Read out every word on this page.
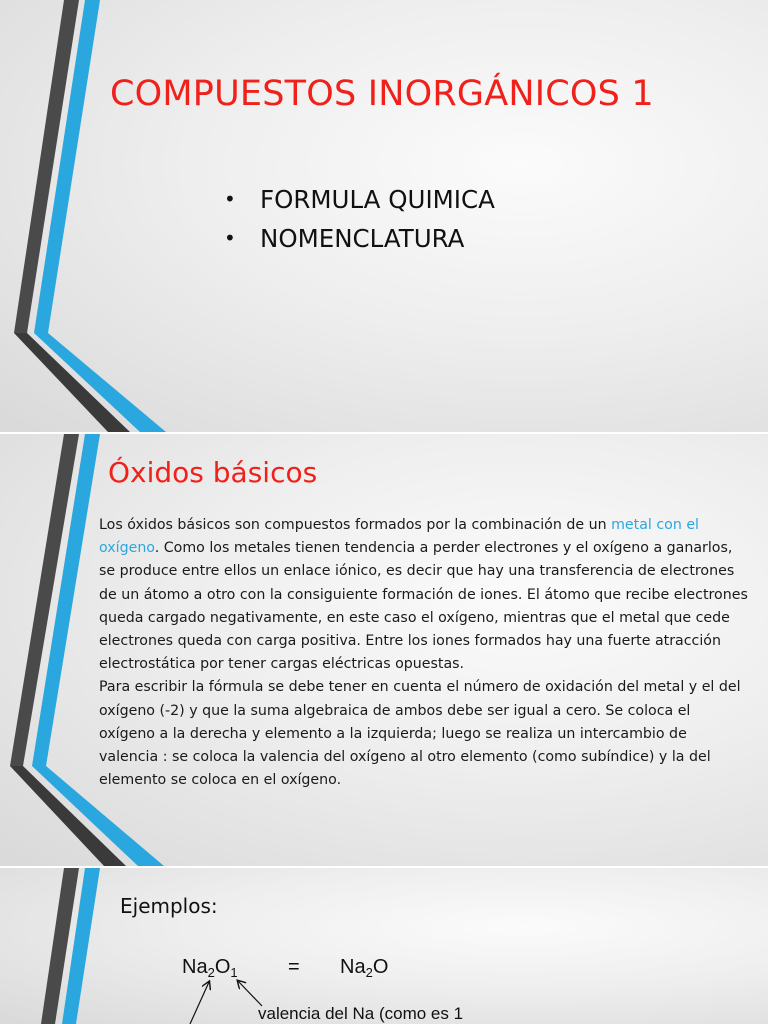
COMPUESTOS INORGÁNICOS 1
• FORMULA QUIMICA
• NOMENCLATURA
Óxidos básicos

Los óxidos básicos son compuestos formados por la combinación de un metal con el oxígeno. Como los metales tienen tendencia a perder electrones y el oxígeno a ganarlos, se produce entre ellos un enlace iónico, es decir que hay una transferencia de electrones de un átomo a otro con la consiguiente formación de iones. El átomo que recibe electrones queda cargado negativamente, en este caso el oxígeno, mientras que el metal que cede electrones queda con carga positiva. Entre los iones formados hay una fuerte atracción electrostática por tener cargas eléctricas opuestas.

Para escribir la fórmula se debe tener en cuenta el número de oxidación del metal y el del oxígeno (-2) y que la suma algebraica de ambos debe ser igual a cero. Se coloca el oxígeno a la derecha y elemento a la izquierda; luego se realiza un intercambio de valencia : se coloca la valencia del oxígeno al otro elemento (como subíndice) y la del elemento se coloca en el oxígeno.

Ejemplos:
$Na_2O_1$	= $Na_2O$
valencia del Na (como es 1
